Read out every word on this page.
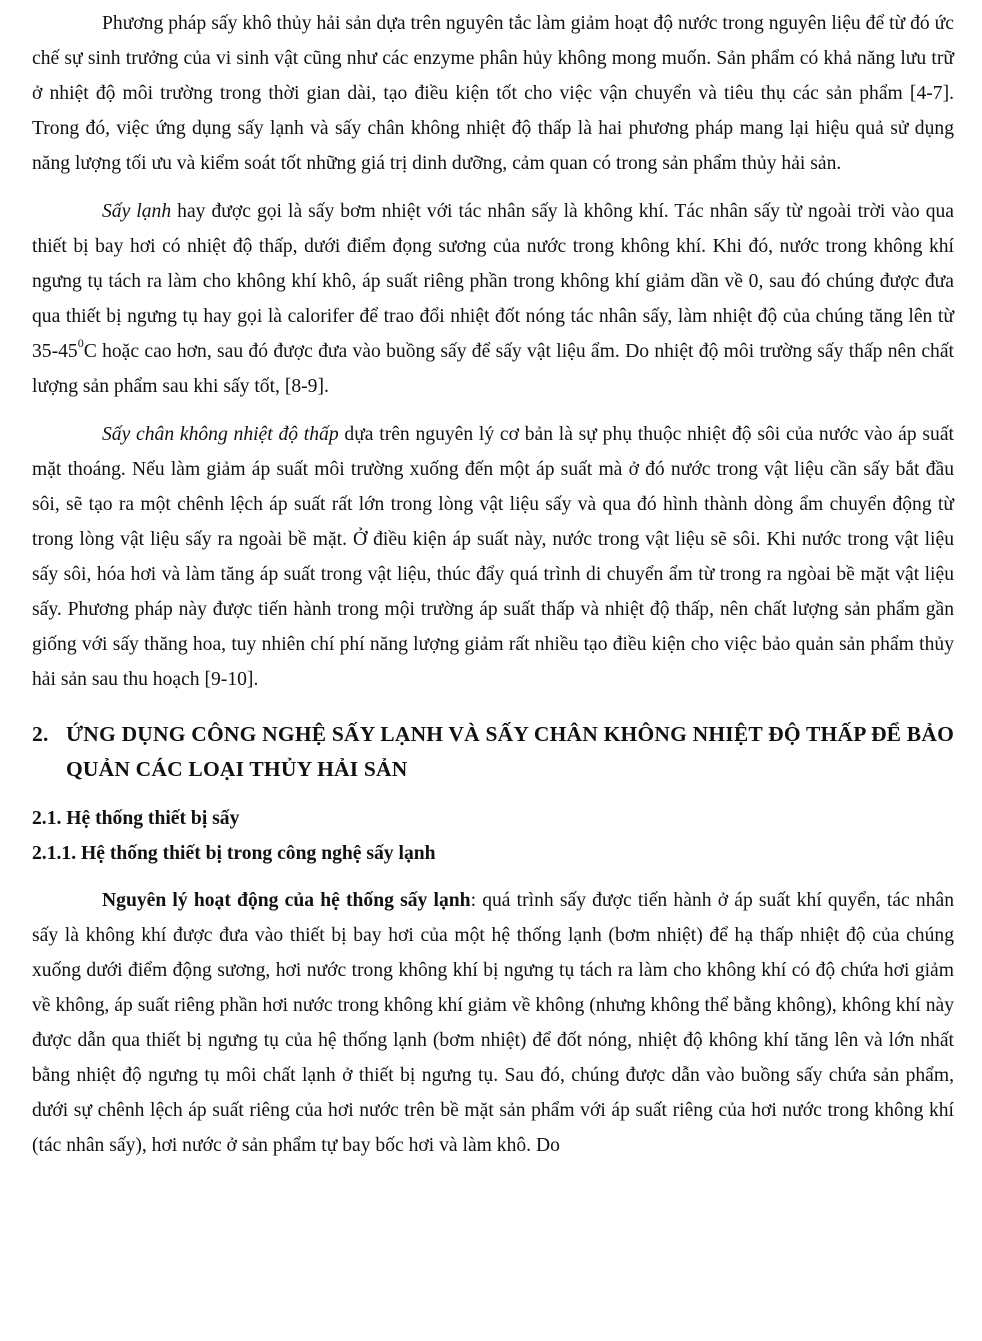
Phương pháp sấy khô thủy hải sản dựa trên nguyên tắc làm giảm hoạt độ nước trong nguyên liệu để từ đó ức chế sự sinh trưởng của vi sinh vật cũng như các enzyme phân hủy không mong muốn. Sản phẩm có khả năng lưu trữ ở nhiệt độ môi trường trong thời gian dài, tạo điều kiện tốt cho việc vận chuyển và tiêu thụ các sản phẩm [4-7]. Trong đó, việc ứng dụng sấy lạnh và sấy chân không nhiệt độ thấp là hai phương pháp mang lại hiệu quả sử dụng năng lượng tối ưu và kiểm soát tốt những giá trị dinh dưỡng, cảm quan có trong sản phẩm thủy hải sản.

Sấy lạnh hay được gọi là sấy bơm nhiệt với tác nhân sấy là không khí. Tác nhân sấy từ ngoài trời vào qua thiết bị bay hơi có nhiệt độ thấp, dưới điểm đọng sương của nước trong không khí. Khi đó, nước trong không khí ngưng tụ tách ra làm cho không khí khô, áp suất riêng phần trong không khí giảm dần về 0, sau đó chúng được đưa qua thiết bị ngưng tụ hay gọi là calorifer để trao đổi nhiệt đốt nóng tác nhân sấy, làm nhiệt độ của chúng tăng lên từ $35-45^0C$ hoặc cao hơn, sau đó được đưa vào buồng sấy để sấy vật liệu ẩm. Do nhiệt độ môi trường sấy thấp nên chất lượng sản phẩm sau khi sấy tốt, [8-9].

Sấy chân không nhiệt độ thấp dựa trên nguyên lý cơ bản là sự phụ thuộc nhiệt độ sôi của nước vào áp suất mặt thoáng. Nếu làm giảm áp suất môi trường xuống đến một áp suất mà ở đó nước trong vật liệu cần sấy bắt đầu sôi, sẽ tạo ra một chênh lệch áp suất rất lớn trong lòng vật liệu sấy và qua đó hình thành dòng ẩm chuyển động từ trong lòng vật liệu sấy ra ngoài bề mặt. Ở điều kiện áp suất này, nước trong vật liệu sẽ sôi. Khi nước trong vật liệu sấy sôi, hóa hơi và làm tăng áp suất trong vật liệu, thúc đẩy quá trình di chuyển ẩm từ trong ra ngòai bề mặt vật liệu sấy. Phương pháp này được tiến hành trong mội trường áp suất thấp và nhiệt độ thấp, nên chất lượng sản phẩm gần giống với sấy thăng hoa, tuy nhiên chí phí năng lượng giảm rất nhiều tạo điều kiện cho việc bảo quản sản phẩm thủy hải sản sau thu hoạch [9-10].

2. ỨNG DỤNG CÔNG NGHỆ SẤY LẠNH VÀ SẤY CHÂN KHÔNG NHIỆT ĐỘ THẤP ĐỂ BẢO QUẢN CÁC LOẠI THỦY HẢI SẢN
2.1. Hệ thống thiết bị sấy
2.1.1. Hệ thống thiết bị trong công nghệ sấy lạnh

Nguyên lý hoạt động của hệ thống sấy lạnh: quá trình sấy được tiến hành ở áp suất khí quyển, tác nhân sấy là không khí được đưa vào thiết bị bay hơi của một hệ thống lạnh (bơm nhiệt) để hạ thấp nhiệt độ của chúng xuống dưới điểm động sương, hơi nước trong không khí bị ngưng tụ tách ra làm cho không khí có độ chứa hơi giảm về không, áp suất riêng phần hơi nước trong không khí giảm về không (nhưng không thể bằng không), không khí này được dẫn qua thiết bị ngưng tụ của hệ thống lạnh (bơm nhiệt) để đốt nóng, nhiệt độ không khí tăng lên và lớn nhất bằng nhiệt độ ngưng tụ môi chất lạnh ở thiết bị ngưng tụ. Sau đó, chúng được dẫn vào buồng sấy chứa sản phẩm, dưới sự chênh lệch áp suất riêng của hơi nước trên bề mặt sản phẩm với áp suất riêng của hơi nước trong không khí (tác nhân sấy), hơi nước ở sản phẩm tự bay bốc hơi và làm khô. Do
